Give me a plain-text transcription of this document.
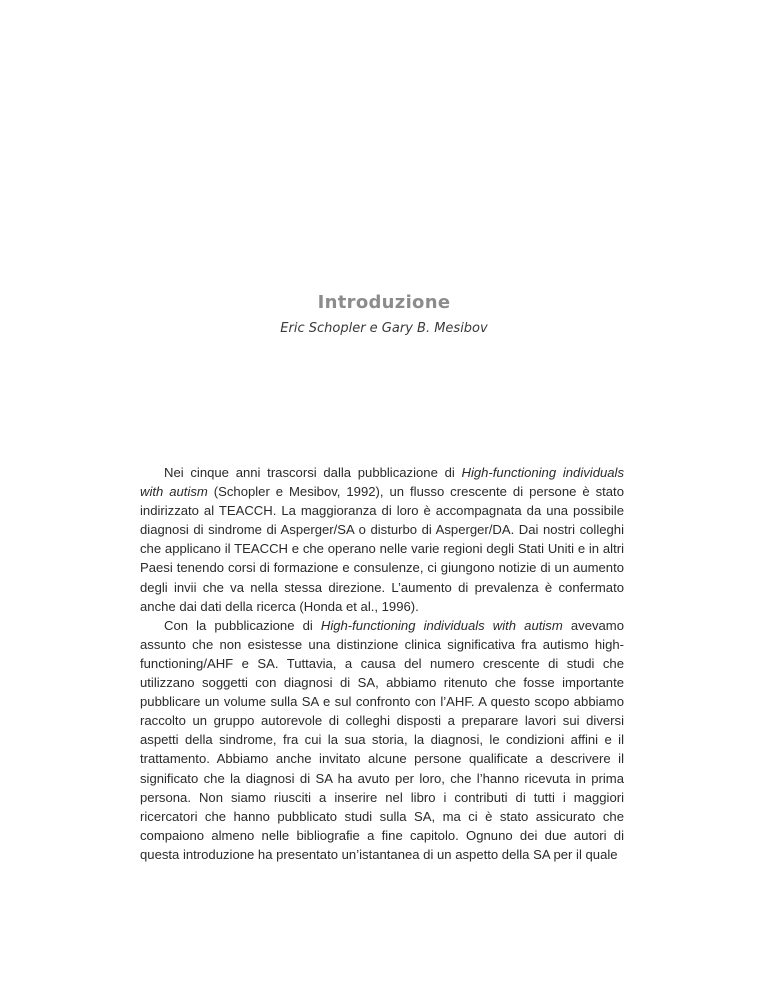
Introduzione
Eric Schopler e Gary B. Mesibov

Nei cinque anni trascorsi dalla pubblicazione di High-functioning individuals with autism (Schopler e Mesibov, 1992), un flusso crescente di persone è stato indirizzato al TEACCH. La maggioranza di loro è accompagnata da una possibile diagnosi di sindrome di Asperger/SA o disturbo di Asperger/DA. Dai nostri colleghi che applicano il TEACCH e che operano nelle varie regioni degli Stati Uniti e in altri Paesi tenendo corsi di formazione e consulenze, ci giungono notizie di un aumento degli invii che va nella stessa direzione. L’aumento di prevalenza è confermato anche dai dati della ricerca (Honda et al., 1996).

Con la pubblicazione di High-functioning individuals with autism avevamo assunto che non esistesse una distinzione clinica significativa fra autismo high-functioning/AHF e SA. Tuttavia, a causa del numero crescente di studi che utilizzano soggetti con diagnosi di SA, abbiamo ritenuto che fosse importante pubblicare un volume sulla SA e sul confronto con l’AHF. A questo scopo abbiamo raccolto un gruppo autorevole di colleghi disposti a preparare lavori sui diversi aspetti della sindrome, fra cui la sua storia, la diagnosi, le condizioni affini e il trattamento. Abbiamo anche invitato alcune persone qualificate a descrivere il significato che la diagnosi di SA ha avuto per loro, che l’hanno ricevuta in prima persona. Non siamo riusciti a inserire nel libro i contributi di tutti i maggiori ricercatori che hanno pubblicato studi sulla SA, ma ci è stato assicurato che compaiono almeno nelle bibliografie a fine capitolo. Ognuno dei due autori di questa introduzione ha presentato un’istantanea di un aspetto della SA per il quale
